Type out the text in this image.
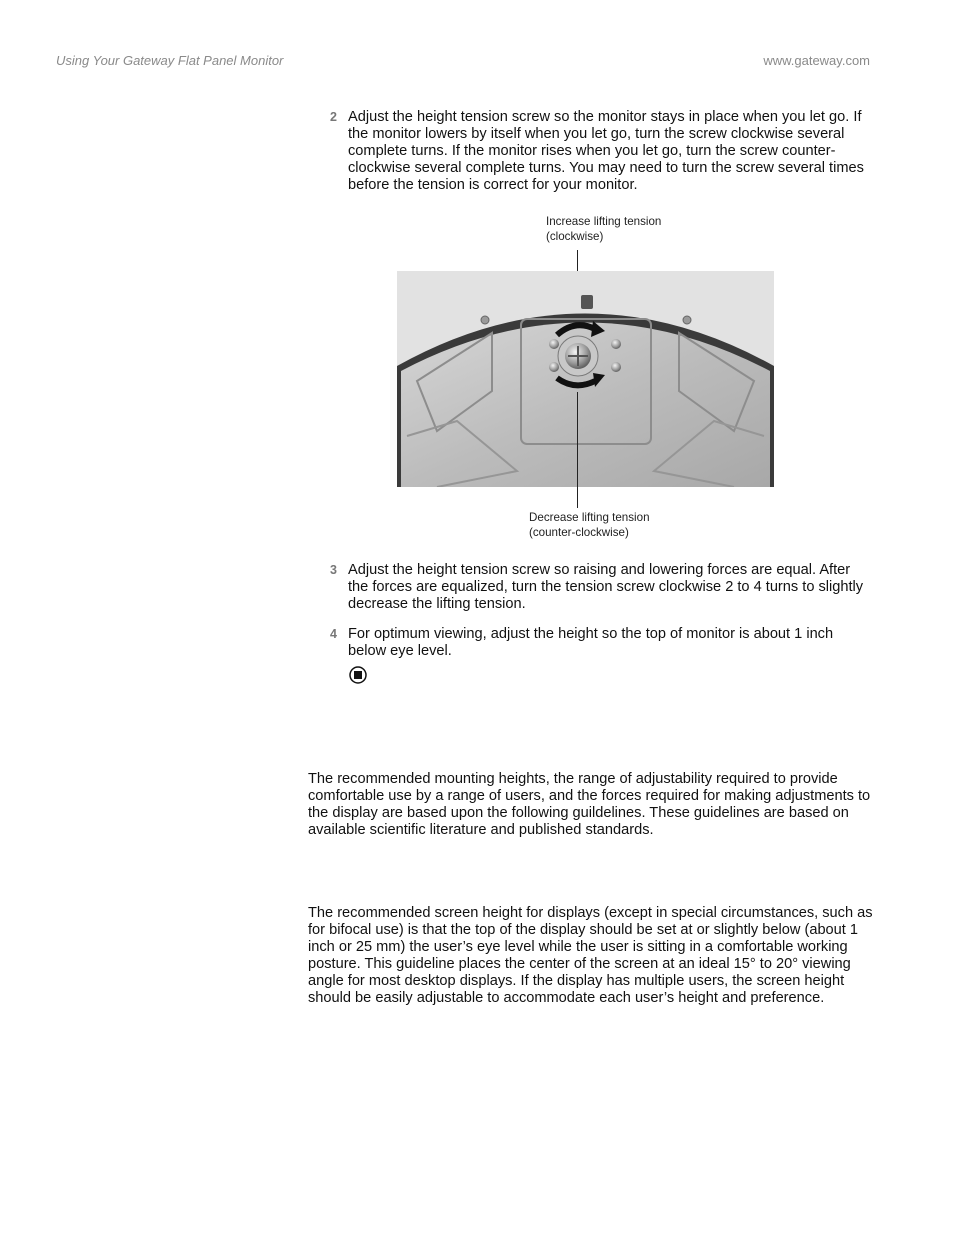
Using Your Gateway Flat Panel Monitor	www.gateway.com
2 Adjust the height tension screw so the monitor stays in place when you let go. If the monitor lowers by itself when you let go, turn the screw clockwise several complete turns. If the monitor rises when you let go, turn the screw counter-clockwise several complete turns. You may need to turn the screw several times before the tension is correct for your monitor.
Increase lifting tension
(clockwise)
Decrease lifting tension
(counter-clockwise)
3 Adjust the height tension screw so raising and lowering forces are equal. After the forces are equalized, turn the tension screw clockwise 2 to 4 turns to slightly decrease the lifting tension.
4 For optimum viewing, adjust the height so the top of monitor is about 1 inch below eye level.
The recommended mounting heights, the range of adjustability required to provide comfortable use by a range of users, and the forces required for making adjustments to the display are based upon the following guildelines. These guidelines are based on available scientific literature and published standards.
The recommended screen height for displays (except in special circumstances, such as for bifocal use) is that the top of the display should be set at or slightly below (about 1 inch or 25 mm) the user’s eye level while the user is sitting in a comfortable working posture. This guideline places the center of the screen at an ideal 15° to 20° viewing angle for most desktop displays. If the display has multiple users, the screen height should be easily adjustable to accommodate each user’s height and preference.
